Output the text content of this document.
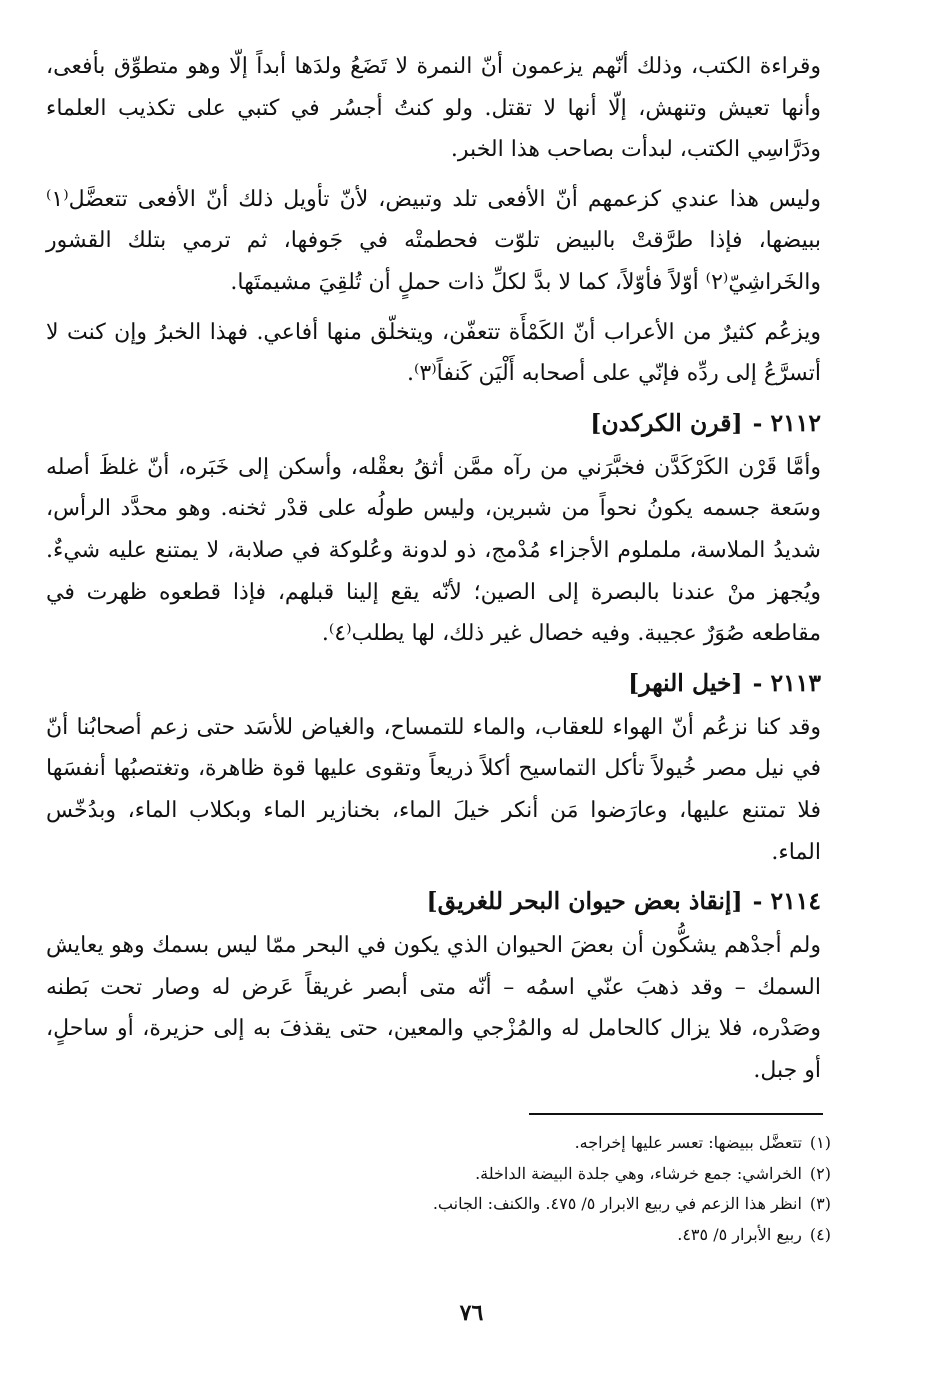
وقراءة الكتب، وذلك أنّهم يزعمون أنّ النمرة لا تَضَعُ ولدَها أبداً إلّا وهو متطوِّق بأفعى، وأنها تعيش وتنهش، إلّا أنها لا تقتل. ولو كنتُ أجسُر في كتبي على تكذيب العلماء ودَرَّاسِي الكتب، لبدأت بصاحب هذا الخبر.

وليس هذا عندي كزعمهم أنّ الأفعى تلد وتبيض، لأنّ تأويل ذلك أنّ الأفعى تتعضَّل⁽١⁾ ببيضها، فإذا طرَّقتْ بالبيض تلوّت فحطمتْه في جَوفها، ثم ترمي بتلك القشور والخَراشِيّ⁽٢⁾ أوّلاً فأوّلاً، كما لا بدَّ لكلِّ ذات حملٍ أن تُلقِيَ مشيمتَها.

ويزعُم كثيرٌ من الأعراب أنّ الكَمْأَة تتعفّن، ويتخلّق منها أفاعي. فهذا الخبرُ وإن كنت لا أتسرَّعُ إلى ردِّه فإنّي على أصحابه أَلْيَن كَنفاً⁽٣⁾.

٢١١٢ -[قرن الكركدن]

وأمَّا قَرْن الكَرْكَدَّن فخبَّرَني من رآه ممَّن أثقُ بعقْله، وأسكن إلى خَبَره، أنّ غلظَ أصله وسَعة جسمه يكونُ نحواً من شبرين، وليس طولُه على قدْر ثخنه. وهو محدَّد الرأس، شديدُ الملاسة، ململوم الأجزاء مُدْمج، ذو لدونة وعُلوكة في صلابة، لا يمتنع عليه شيءٌ. ويُجهز منْ عندنا بالبصرة إلى الصين؛ لأنّه يقع إلينا قبلهم، فإذا قطعوه ظهرت في مقاطعه صُوَرٌ عجيبة. وفيه خصال غير ذلك، لها يطلب⁽٤⁾.

٢١١٣ -[خيل النهر]

وقد كنا نزعُم أنّ الهواء للعقاب، والماء للتمساح، والغياض للأسَد حتى زعم أصحابُنا أنّ في نيل مصر خُيولاً تأكل التماسيح أكلاً ذريعاً وتقوى عليها قوة ظاهرة، وتغتصبُها أنفسَها فلا تمتنع عليها، وعارَضوا مَن أنكر خيلَ الماء، بخنازير الماء وبكلاب الماء، وبدُخّس الماء.

٢١١٤ -[إنقاذ بعض حيوان البحر للغريق]

ولم أجدْهم يشكُّون أن بعضَ الحيوان الذي يكون في البحر ممّا ليس بسمك وهو يعايش السمك – وقد ذهبَ عنّي اسمُه – أنّه متى أبصر غريقاً عَرض له وصار تحت بَطنه وصَدْره، فلا يزال كالحامل له والمُزْجي والمعين، حتى يقذفَ به إلى حزيرة، أو ساحلٍ، أو جبل.

(١)تتعضَّل ببيضها: تعسر عليها إخراجه.
(٢)الخراشي: جمع خرشاء، وهي جلدة البيضة الداخلة.
(٣)انظر هذا الزعم في ربيع الابرار ٥/ ٤٧٥. والكنف: الجانب.
(٤)ربيع الأبرار ٥/ ٤٣٥.
٧٦
